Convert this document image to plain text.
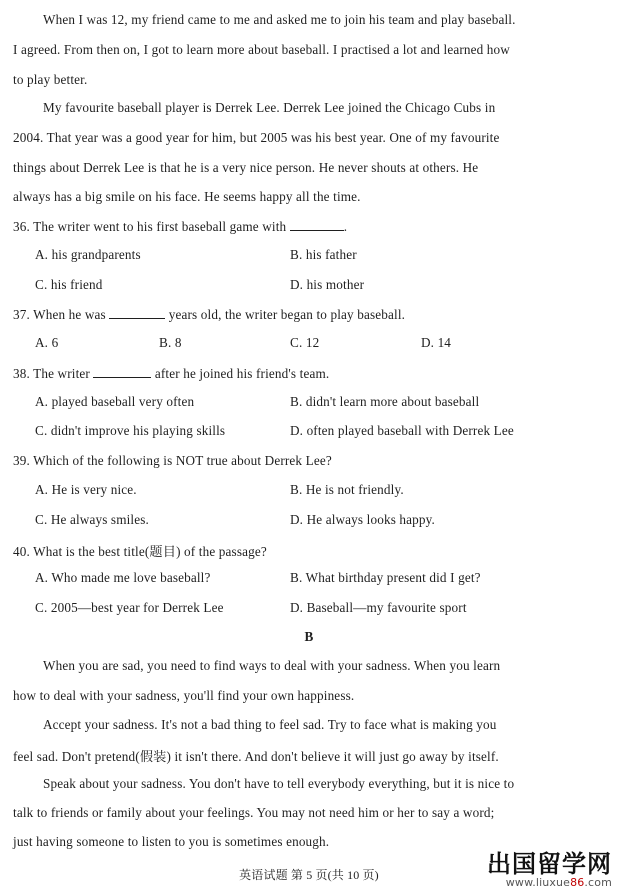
When I was 12, my friend came to me and asked me to join his team and play baseball.
I agreed. From then on, I got to learn more about baseball. I practised a lot and learned how
to play better.
My favourite baseball player is Derrek Lee. Derrek Lee joined the Chicago Cubs in
2004. That year was a good year for him, but 2005 was his best year. One of my favourite
things about Derrek Lee is that he is a very nice person. He never shouts at others. He
always has a big smile on his face. He seems happy all the time.
36. The writer went to his first baseball game with	.
A. his grandparents	B. his father
C. his friend	D. his mother
37. When he was	years old, the writer began to play baseball.
A. 6	B. 8	C. 12	D. 14
38. The writer	after he joined his friend's team.
A. played baseball very often	B. didn't learn more about baseball
C. didn't improve his playing skills	D. often played baseball with Derrek Lee
39. Which of the following is NOT true about Derrek Lee?
A. He is very nice.	B. He is not friendly.
C. He always smiles.	D. He always looks happy.
40. What is the best title(题目) of the passage?
A. Who made me love baseball?	B. What birthday present did I get?
C. 2005—best year for Derrek Lee	D. Baseball—my favourite sport
B
When you are sad, you need to find ways to deal with your sadness. When you learn
how to deal with your sadness, you'll find your own happiness.
Accept your sadness. It's not a bad thing to feel sad. Try to face what is making you
feel sad. Don't pretend(假装) it isn't there. And don't believe it will just go away by itself.
Speak about your sadness. You don't have to tell everybody everything, but it is nice to
talk to friends or family about your feelings. You may not need him or her to say a word;
just having someone to listen to you is sometimes enough.
英语试题 第 5 页(共 10 页)	出国留学网
www.liuxue86.com
